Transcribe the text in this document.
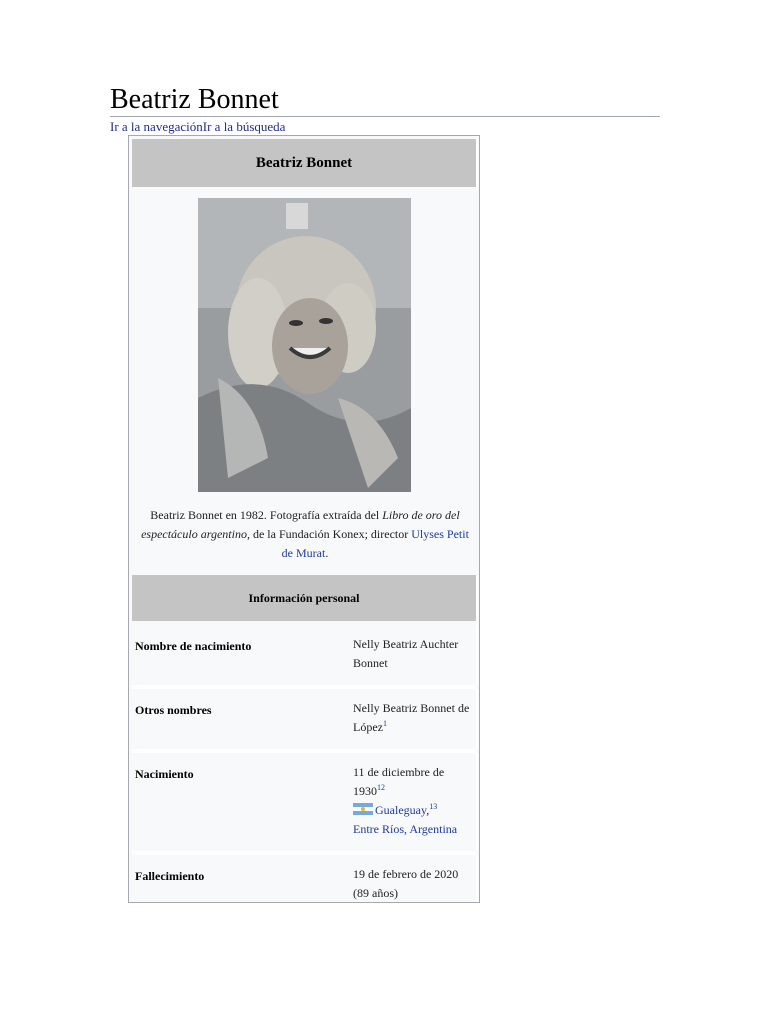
Beatriz Bonnet
Ir a la navegaciónIr a la búsqueda
Beatriz Bonnet
Beatriz Bonnet en 1982. Fotografía extraída del Libro de oro del espectáculo argentino, de la Fundación Konex; director Ulyses Petit de Murat.
Información personal
Nombre de nacimiento	Nelly Beatriz Auchter Bonnet
Otros nombres	Nelly Beatriz Bonnet de López$^1$
Nacimiento	11 de diciembre de 1930$^{12}$

Gualeguay,$^{13}$
Entre Ríos, Argentina
Fallecimiento	19 de febrero de 2020
(89 años)
